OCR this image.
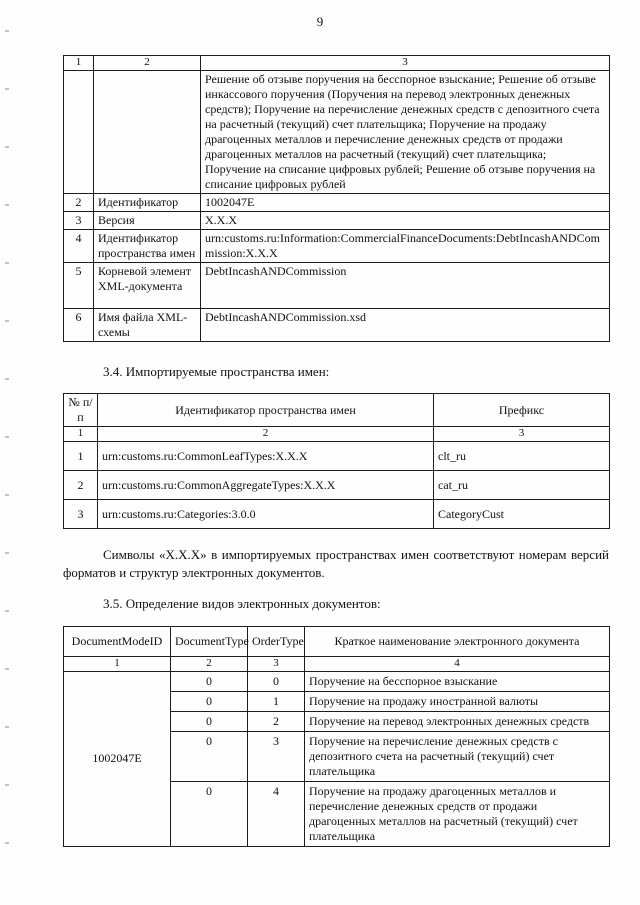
9
1	2	3
		Решение об отзыве поручения на бесспорное взыскание; Решение об отзыве инкассового поручения (Поручения на перевод электронных денежных средств); Поручение на перечисление денежных средств с депозитного счета на расчетный (текущий) счет плательщика; Поручение на продажу драгоценных металлов и перечисление денежных средств от продажи драгоценных металлов на расчетный (текущий) счет плательщика; Поручение на списание цифровых рублей; Решение об отзыве поручения на списание цифровых рублей
2	Идентификатор	1002047E
3	Версия	X.X.X
4	Идентификатор пространства имен	urn:customs.ru:Information:CommercialFinanceDocuments:DebtIncashANDCommission:X.X.X
5	Корневой элемент XML-документа	DebtIncashANDCommission
6	Имя файла XML-схемы	DebtIncashANDCommission.xsd
3.4. Импортируемые пространства имен:
№ п/п	Идентификатор пространства имен	Префикс
1	2	3
1	urn:customs.ru:CommonLeafTypes:X.X.X	clt_ru
2	urn:customs.ru:CommonAggregateTypes:X.X.X	cat_ru
3	urn:customs.ru:Categories:3.0.0	CategoryCust
Символы «X.X.X» в импортируемых пространствах имен соответствуют номерам версий форматов и структур электронных документов.
3.5. Определение видов электронных документов:
DocumentModeID	DocumentType	OrderType	Краткое наименование электронного документа
1	2	3	4
1002047E	0	0	Поручение на бесспорное взыскание
	0	1	Поручение на продажу иностранной валюты
	0	2	Поручение на перевод электронных денежных средств
	0	3	Поручение на перечисление денежных средств с депозитного счета на расчетный (текущий) счет плательщика
	0	4	Поручение на продажу драгоценных металлов и перечисление денежных средств от продажи драгоценных металлов на расчетный (текущий) счет плательщика
